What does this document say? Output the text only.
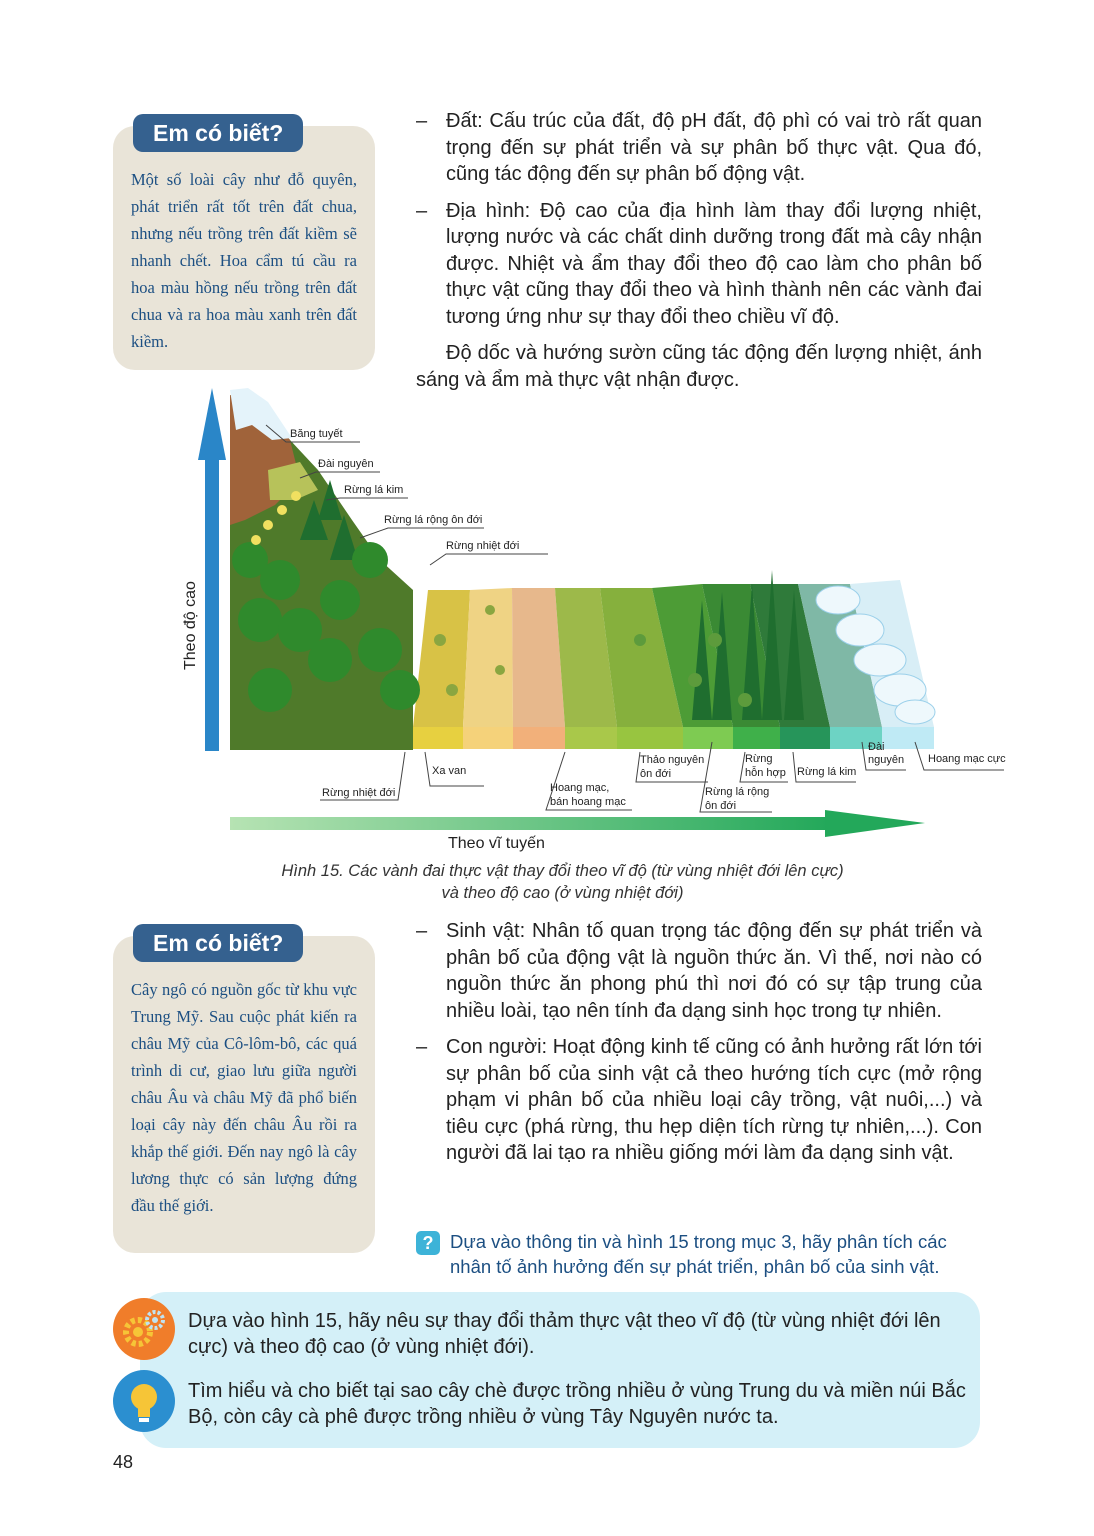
Em có biết?
Một số loài cây như đỗ quyên, phát triển rất tốt trên đất chua, nhưng nếu trồng trên đất kiềm sẽ nhanh chết. Hoa cẩm tú cầu ra hoa màu hồng nếu trồng trên đất chua và ra hoa màu xanh trên đất kiềm.
– Đất: Cấu trúc của đất, độ pH đất, độ phì có vai trò rất quan trọng đến sự phát triển và sự phân bố thực vật. Qua đó, cũng tác động đến sự phân bố động vật.
– Địa hình: Độ cao của địa hình làm thay đổi lượng nhiệt, lượng nước và các chất dinh dưỡng trong đất mà cây nhận được. Nhiệt và ẩm thay đổi theo độ cao làm cho phân bố thực vật cũng thay đổi theo và hình thành nên các vành đai tương ứng như sự thay đổi theo chiều vĩ độ.
Độ dốc và hướng sườn cũng tác động đến lượng nhiệt, ánh sáng và ẩm mà thực vật nhận được.
Theo độ cao
Băng tuyết
Đài nguyên
Rừng lá kim
Rừng lá rộng ôn đới
Rừng nhiệt đới
Rừng nhiệt đới
Xa van
Hoang mạc,
bán hoang mạc
Thảo nguyên
ôn đới
Rừng lá rộng
ôn đới
Rừng
hỗn hợp Rừng lá kim
Đài
nguyên Hoang mạc cực
Theo vĩ tuyến
Hình 15. Các vành đai thực vật thay đổi theo vĩ độ (từ vùng nhiệt đới lên cực)
và theo độ cao (ở vùng nhiệt đới)
Em có biết?
Cây ngô có nguồn gốc từ khu vực Trung Mỹ. Sau cuộc phát kiến ra châu Mỹ của Cô-lôm-bô, các quá trình di cư, giao lưu giữa người châu Âu và châu Mỹ đã phổ biến loại cây này đến châu Âu rồi ra khắp thế giới. Đến nay ngô là cây lương thực có sản lượng đứng đầu thế giới.
– Sinh vật: Nhân tố quan trọng tác động đến sự phát triển và phân bố của động vật là nguồn thức ăn. Vì thế, nơi nào có nguồn thức ăn phong phú thì nơi đó có sự tập trung của nhiều loài, tạo nên tính đa dạng sinh học trong tự nhiên.
– Con người: Hoạt động kinh tế cũng có ảnh hưởng rất lớn tới sự phân bố của sinh vật cả theo hướng tích cực (mở rộng phạm vi phân bố của nhiều loại cây trồng, vật nuôi,...) và tiêu cực (phá rừng, thu hẹp diện tích rừng tự nhiên,...). Con người đã lai tạo ra nhiều giống mới làm đa dạng sinh vật.
? Dựa vào thông tin và hình 15 trong mục 3, hãy phân tích các nhân tố ảnh hưởng đến sự phát triển, phân bố của sinh vật.
Dựa vào hình 15, hãy nêu sự thay đổi thảm thực vật theo vĩ độ (từ vùng nhiệt đới lên cực) và theo độ cao (ở vùng nhiệt đới).
Tìm hiểu và cho biết tại sao cây chè được trồng nhiều ở vùng Trung du và miền núi Bắc Bộ, còn cây cà phê được trồng nhiều ở vùng Tây Nguyên nước ta.
48
